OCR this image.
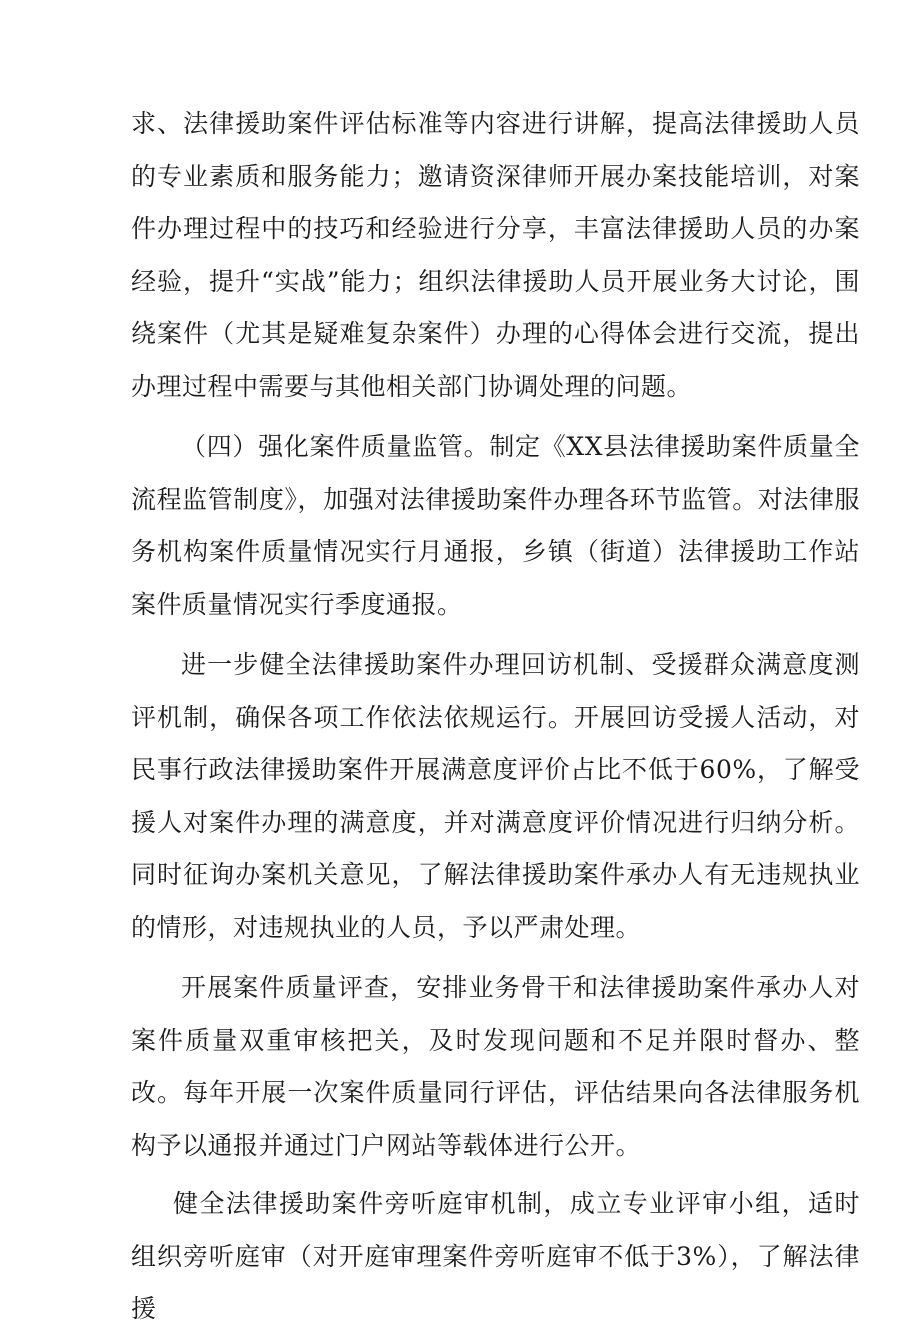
求、法律援助案件评估标准等内容进行讲解，提高法律援助人员的专业素质和服务能力；邀请资深律师开展办案技能培训，对案件办理过程中的技巧和经验进行分享，丰富法律援助人员的办案经验，提升“实战”能力；组织法律援助人员开展业务大讨论，围绕案件（尤其是疑难复杂案件）办理的心得体会进行交流，提出办理过程中需要与其他相关部门协调处理的问题。

（四）强化案件质量监管。制定《XX县法律援助案件质量全流程监管制度》，加强对法律援助案件办理各环节监管。对法律服务机构案件质量情况实行月通报，乡镇（街道）法律援助工作站案件质量情况实行季度通报。

进一步健全法律援助案件办理回访机制、受援群众满意度测评机制，确保各项工作依法依规运行。开展回访受援人活动，对民事行政法律援助案件开展满意度评价占比不低于60%，了解受援人对案件办理的满意度，并对满意度评价情况进行归纳分析。同时征询办案机关意见，了解法律援助案件承办人有无违规执业的情形，对违规执业的人员，予以严肃处理。

开展案件质量评查，安排业务骨干和法律援助案件承办人对案件质量双重审核把关，及时发现问题和不足并限时督办、整改。每年开展一次案件质量同行评估，评估结果向各法律服务机构予以通报并通过门户网站等载体进行公开。

健全法律援助案件旁听庭审机制，成立专业评审小组，适时组织旁听庭审（对开庭审理案件旁听庭审不低于3%），了解法律援
